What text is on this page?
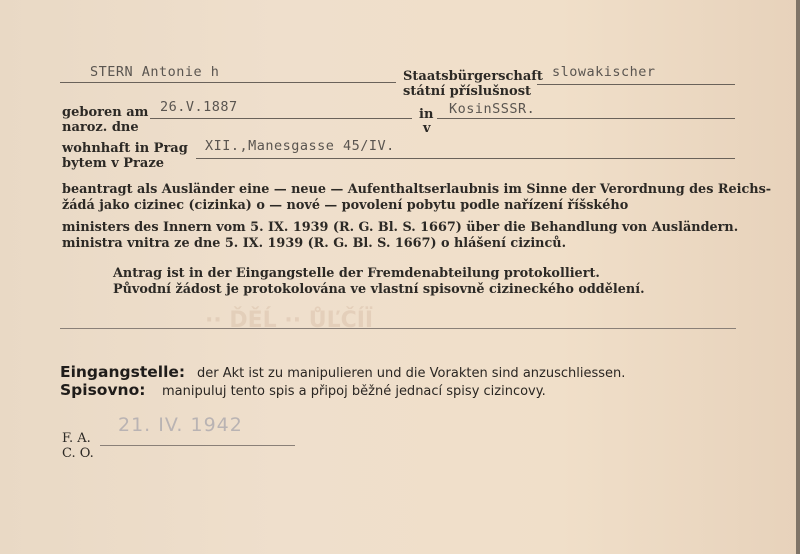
STERN Antonie h	Staatsbürgerschaft
státní příslušnost
slowakischer
geboren am
naroz. dne
26.V.1887	in
v
KosinSSSR.
wohnhaft in Prag
bytem v Praze
XII.,Manesgasse 45/IV.
beantragt als Ausländer eine — neue — Aufenthaltserlaubnis im Sinne der Verordnung des Reichs-
žádá jako cizinec (cizinka) o — nové — povolení pobytu podle nařízení říšského
ministers des Innern vom 5. IX. 1939 (R. G. Bl. S. 1667) über die Behandlung von Ausländern.
ministra vnitra ze dne 5. IX. 1939 (R. G. Bl. S. 1667) o hlášení cizinců.
Antrag ist in der Eingangstelle der Fremdenabteilung protokolliert.
Původní žádost je protokolována ve vlastní spisovně cizineckého oddělení.
·· ĎĚĹ ·· ŮĽČÍÏ
Eingangstelle: der Akt ist zu manipulieren und die Vorakten sind anzuschliessen.
Spisovno: manipuluj tento spis a připoj běžné jednací spisy cizincovy.
F. A.
C. O.
21. IV. 1942
